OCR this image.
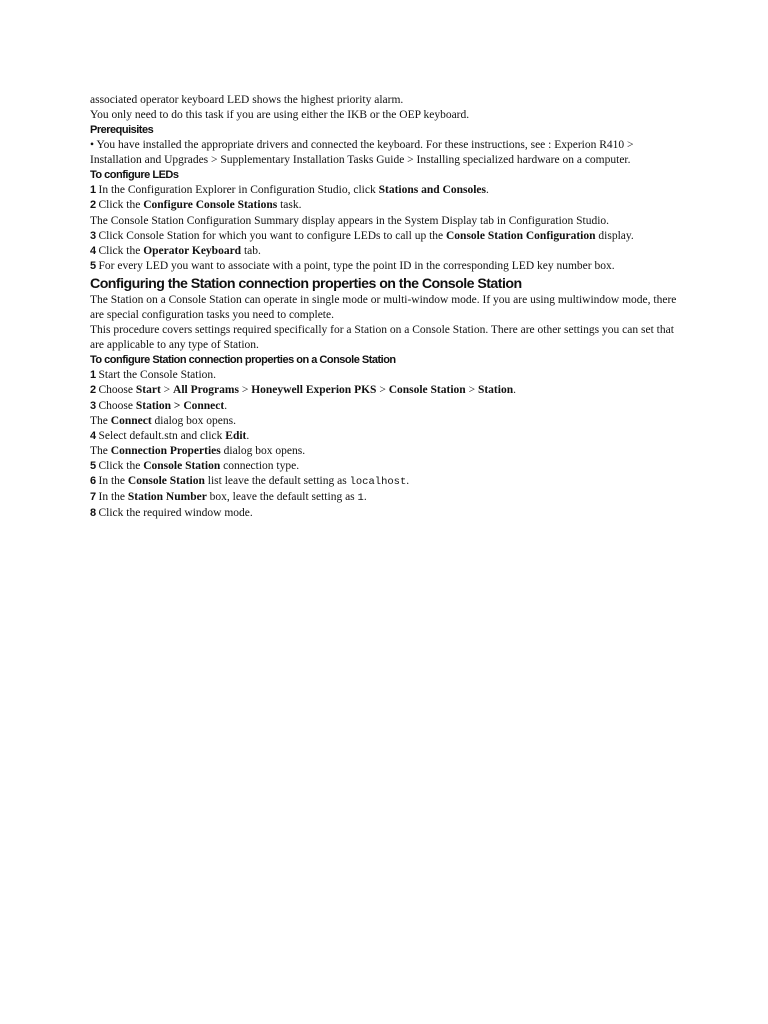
associated operator keyboard LED shows the highest priority alarm.

You only need to do this task if you are using either the IKB or the OEP keyboard.

Prerequisites

• You have installed the appropriate drivers and connected the keyboard. For these instructions, see : Experion R410 > Installation and Upgrades > Supplementary Installation Tasks Guide > Installing specialized hardware on a computer.

To configure LEDs

1 In the Configuration Explorer in Configuration Studio, click Stations and Consoles.

2 Click the Configure Console Stations task.

The Console Station Configuration Summary display appears in the System Display tab in Configuration Studio.

3 Click Console Station for which you want to configure LEDs to call up the Console Station Configuration display.

4 Click the Operator Keyboard tab.

5 For every LED you want to associate with a point, type the point ID in the corresponding LED key number box.

Configuring the Station connection properties on the Console Station

The Station on a Console Station can operate in single mode or multi-window mode. If you are using multiwindow mode, there are special configuration tasks you need to complete.

This procedure covers settings required specifically for a Station on a Console Station. There are other settings you can set that are applicable to any type of Station.

To configure Station connection properties on a Console Station

1 Start the Console Station.

2 Choose Start > All Programs > Honeywell Experion PKS > Console Station > Station.

3 Choose Station > Connect.

The Connect dialog box opens.

4 Select default.stn and click Edit.

The Connection Properties dialog box opens.

5 Click the Console Station connection type.

6 In the Console Station list leave the default setting as localhost.

7 In the Station Number box, leave the default setting as 1.

8 Click the required window mode.
